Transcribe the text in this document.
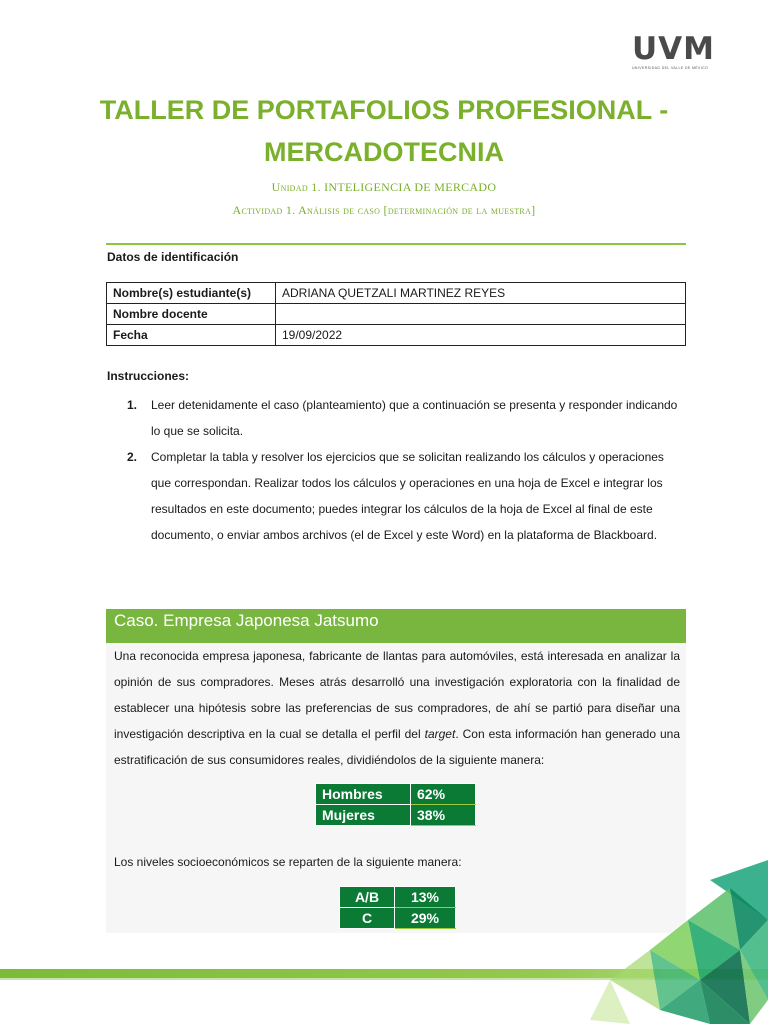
UVM
UNIVERSIDAD DEL VALLE DE MÉXICO
TALLER DE PORTAFOLIOS PROFESIONAL -
MERCADOTECNIA
Unidad 1. INTELIGENCIA DE MERCADO
Actividad 1. Análisis de caso [determinación de la muestra]
Datos de identificación
Nombre(s) estudiante(s)	ADRIANA QUETZALI MARTINEZ REYES
Nombre docente	
Fecha	19/09/2022
Instrucciones:
1. Leer detenidamente el caso (planteamiento) que a continuación se presenta y responder indicando lo que se solicita.
2. Completar la tabla y resolver los ejercicios que se solicitan realizando los cálculos y operaciones que correspondan. Realizar todos los cálculos y operaciones en una hoja de Excel e integrar los resultados en este documento; puedes integrar los cálculos de la hoja de Excel al final de este documento, o enviar ambos archivos (el de Excel y este Word) en la plataforma de Blackboard.
Caso. Empresa Japonesa Jatsumo
Una reconocida empresa japonesa, fabricante de llantas para automóviles, está interesada en analizar la opinión de sus compradores. Meses atrás desarrolló una investigación exploratoria con la finalidad de establecer una hipótesis sobre las preferencias de sus compradores, de ahí se partió para diseñar una investigación descriptiva en la cual se detalla el perfil del target. Con esta información han generado una estratificación de sus consumidores reales, dividiéndolos de la siguiente manera:
Hombres	62%
Mujeres	38%
Los niveles socioeconómicos se reparten de la siguiente manera:
A/B	13%
C	29%
